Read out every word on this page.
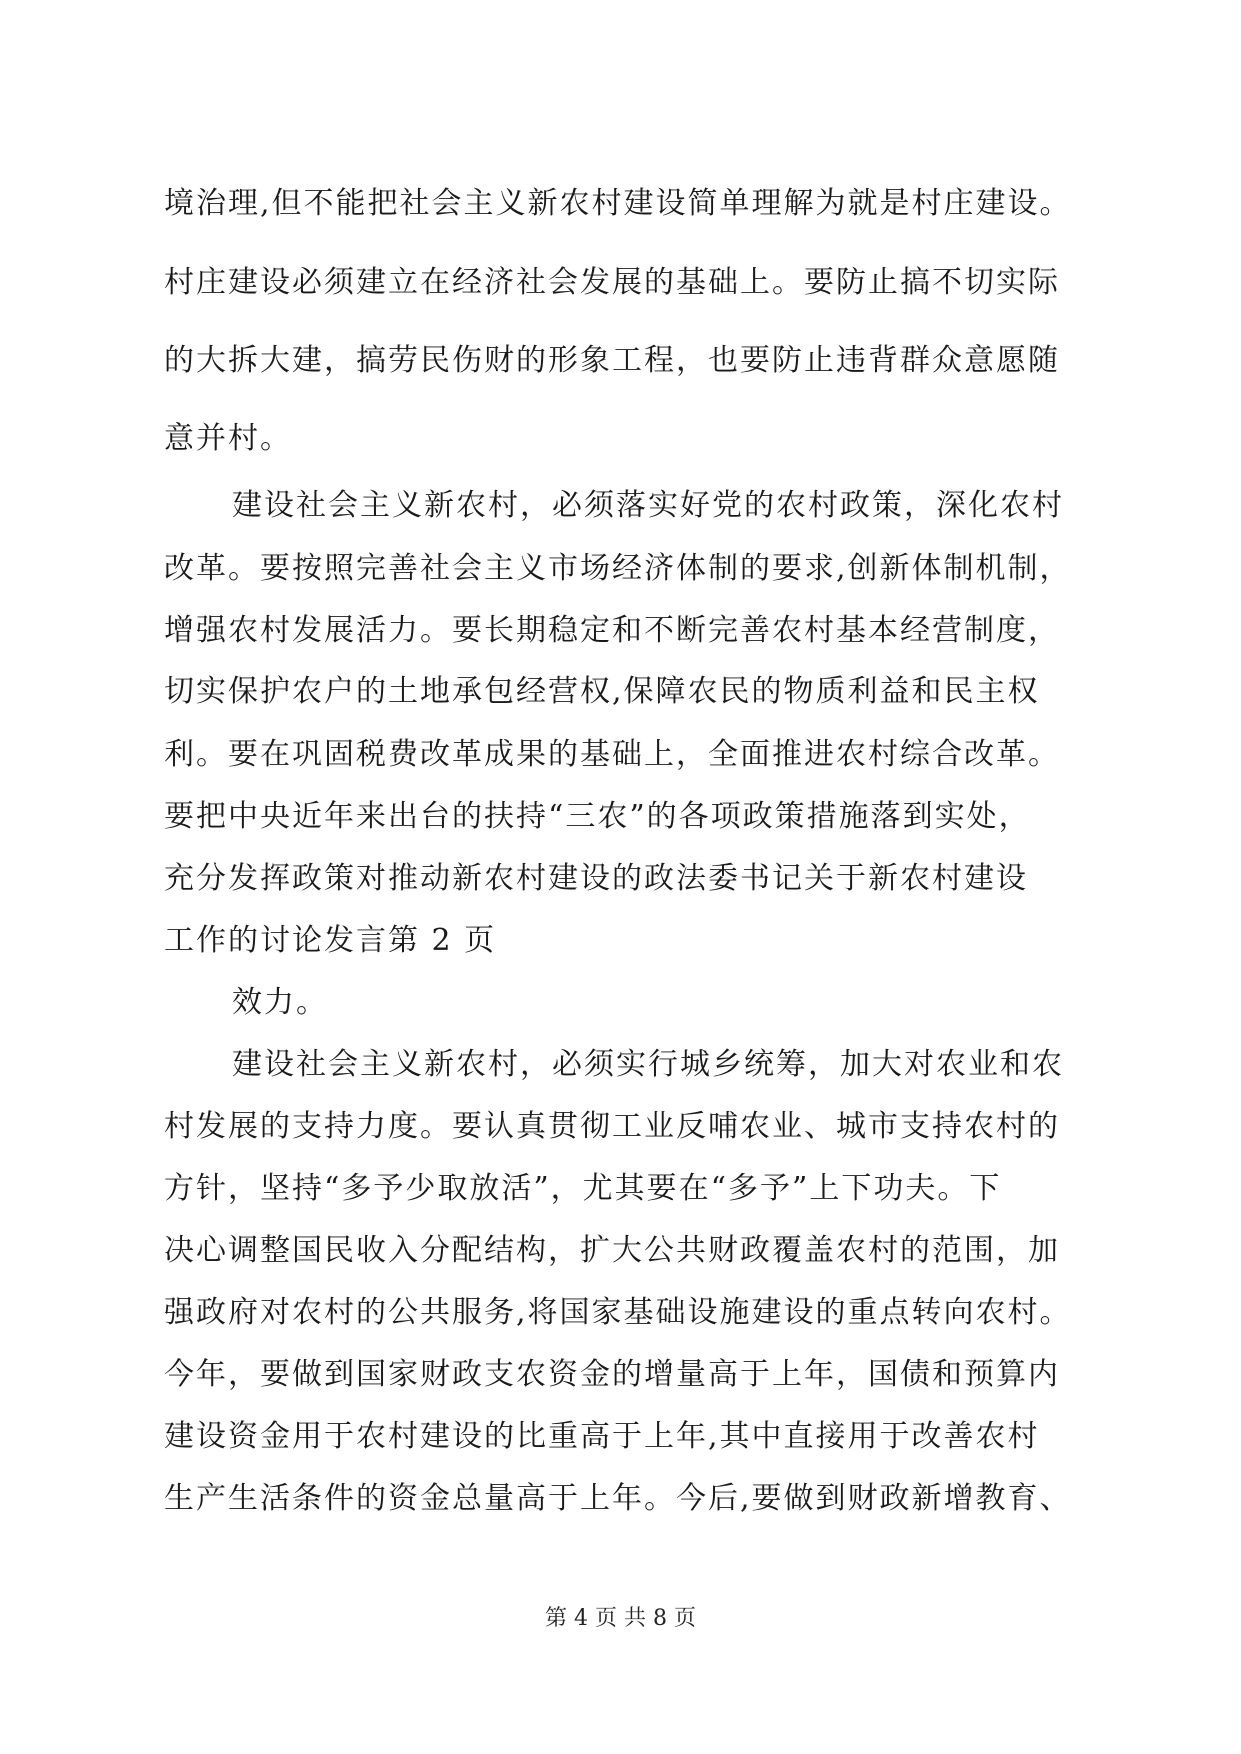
境治理,但不能把社会主义新农村建设简单理解为就是村庄建设。
村庄建设必须建立在经济社会发展的基础上。要防止搞不切实际
的大拆大建，搞劳民伤财的形象工程，也要防止违背群众意愿随
意并村。
建设社会主义新农村，必须落实好党的农村政策，深化农村
改革。要按照完善社会主义市场经济体制的要求,创新体制机制，
增强农村发展活力。要长期稳定和不断完善农村基本经营制度，
切实保护农户的土地承包经营权,保障农民的物质利益和民主权
利。要在巩固税费改革成果的基础上，全面推进农村综合改革。
要把中央近年来出台的扶持“三农”的各项政策措施落到实处，
充分发挥政策对推动新农村建设的政法委书记关于新农村建设
工作的讨论发言第 2 页
效力。
建设社会主义新农村，必须实行城乡统筹，加大对农业和农
村发展的支持力度。要认真贯彻工业反哺农业、城市支持农村的
方针，坚持“多予少取放活”，尤其要在“多予”上下功夫。下
决心调整国民收入分配结构，扩大公共财政覆盖农村的范围，加
强政府对农村的公共服务,将国家基础设施建设的重点转向农村。
今年，要做到国家财政支农资金的增量高于上年，国债和预算内
建设资金用于农村建设的比重高于上年,其中直接用于改善农村
生产生活条件的资金总量高于上年。今后,要做到财政新增教育、
第 4 页 共 8 页
